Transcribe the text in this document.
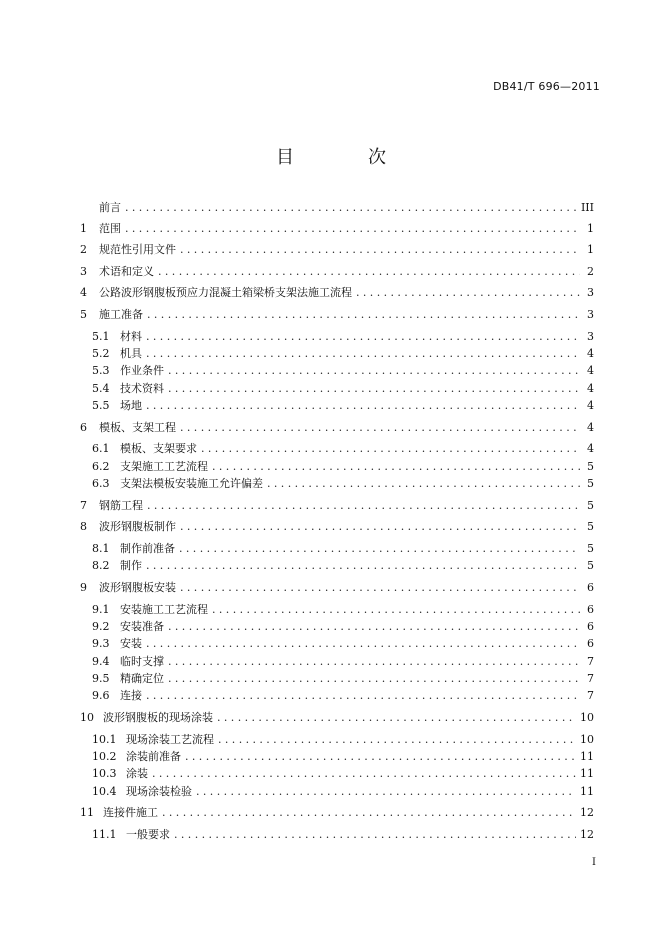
DB41/T 696—2011
目　次
前言 .....	III
1	范围 .....	1
2	规范性引用文件 .....	1
3	术语和定义 .....	2
4	公路波形钢腹板预应力混凝土箱梁桥支架法施工流程 .....	3
5	施工准备 .....	3
5.1 材料 .....	3
5.2 机具 .....	4
5.3 作业条件 .....	4
5.4 技术资料 .....	4
5.5 场地 .....	4
6	模板、支架工程 .....	4
6.1 模板、支架要求 .....	4
6.2 支架施工工艺流程 .....	5
6.3 支架法模板安装施工允许偏差 .....	5
7	钢筋工程 .....	5
8	波形钢腹板制作 .....	5
8.1 制作前准备 .....	5
8.2 制作 .....	5
9	波形钢腹板安装 .....	6
9.1 安装施工工艺流程 .....	6
9.2 安装准备 .....	6
9.3 安装 .....	6
9.4 临时支撑 .....	7
9.5 精确定位 .....	7
9.6 连接 .....	7
10 波形钢腹板的现场涂装 .....	10
10.1 现场涂装工艺流程 .....	10
10.2 涂装前准备 .....	11
10.3 涂装 .....	11
10.4 现场涂装检验 .....	11
11 连接件施工 .....	12
11.1 一般要求 .....	12
I
